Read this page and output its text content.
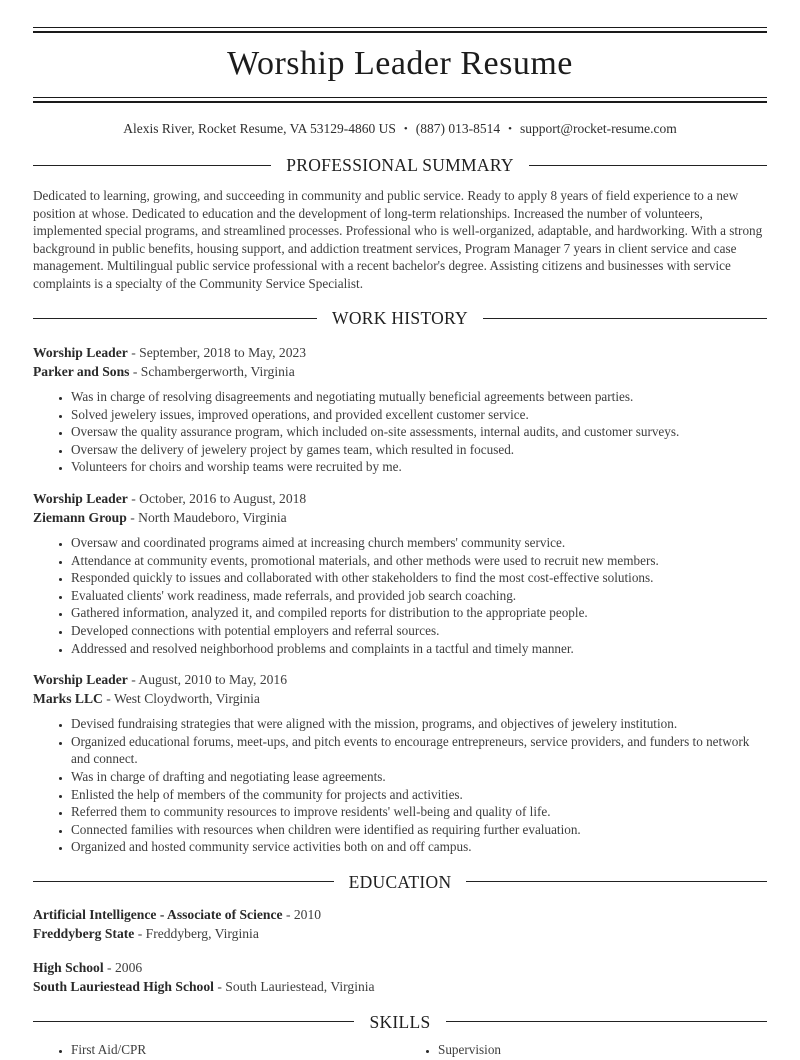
Worship Leader Resume
Alexis River, Rocket Resume, VA 53129-4860 US • (887) 013-8514 • support@rocket-resume.com
PROFESSIONAL SUMMARY

Dedicated to learning, growing, and succeeding in community and public service. Ready to apply 8 years of field experience to a new position at whose. Dedicated to education and the development of long-term relationships. Increased the number of volunteers, implemented special programs, and streamlined processes. Professional who is well-organized, adaptable, and hardworking. With a strong background in public benefits, housing support, and addiction treatment services, Program Manager 7 years in client service and case management. Multilingual public service professional with a recent bachelor's degree. Assisting citizens and businesses with service complaints is a specialty of the Community Service Specialist.

WORK HISTORY
Worship Leader - September, 2018 to May, 2023
Parker and Sons - Schambergerworth, Virginia
• Was in charge of resolving disagreements and negotiating mutually beneficial agreements between parties.
• Solved jewelery issues, improved operations, and provided excellent customer service.
• Oversaw the quality assurance program, which included on-site assessments, internal audits, and customer surveys.
• Oversaw the delivery of jewelery project by games team, which resulted in focused.
• Volunteers for choirs and worship teams were recruited by me.
Worship Leader - October, 2016 to August, 2018
Ziemann Group - North Maudeboro, Virginia
• Oversaw and coordinated programs aimed at increasing church members' community service.
• Attendance at community events, promotional materials, and other methods were used to recruit new members.
• Responded quickly to issues and collaborated with other stakeholders to find the most cost-effective solutions.
• Evaluated clients' work readiness, made referrals, and provided job search coaching.
• Gathered information, analyzed it, and compiled reports for distribution to the appropriate people.
• Developed connections with potential employers and referral sources.
• Addressed and resolved neighborhood problems and complaints in a tactful and timely manner.
Worship Leader - August, 2010 to May, 2016
Marks LLC - West Cloydworth, Virginia
• Devised fundraising strategies that were aligned with the mission, programs, and objectives of jewelery institution.
• Organized educational forums, meet-ups, and pitch events to encourage entrepreneurs, service providers, and funders to network and connect.
• Was in charge of drafting and negotiating lease agreements.
• Enlisted the help of members of the community for projects and activities.
• Referred them to community resources to improve residents' well-being and quality of life.
• Connected families with resources when children were identified as requiring further evaluation.
• Organized and hosted community service activities both on and off campus.
EDUCATION
Artificial Intelligence - Associate of Science - 2010
Freddyberg State - Freddyberg, Virginia
High School - 2006
South Lauriestead High School - South Lauriestead, Virginia
SKILLS
• First Aid/CPR	• Supervision
